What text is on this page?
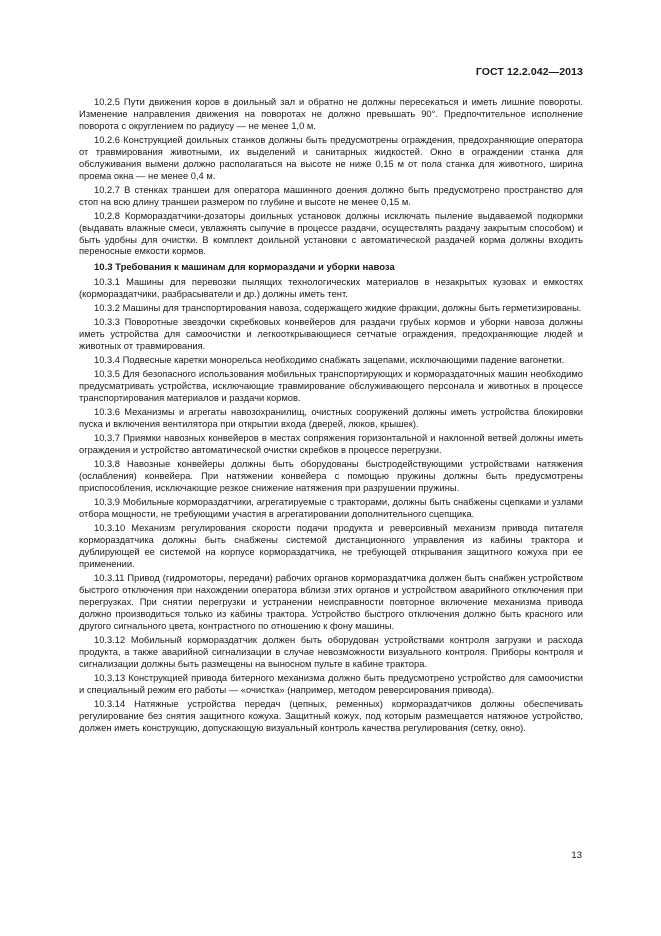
ГОСТ 12.2.042—2013

10.2.5 Пути движения коров в доильный зал и обратно не должны пересекаться и иметь лишние повороты. Изменение направления движения на поворотах не должно превышать 90°. Предпочтительное исполнение поворота с округлением по радиусу — не менее 1,0 м.

10.2.6 Конструкцией доильных станков должны быть предусмотрены ограждения, предохраняющие оператора от травмирования животными, их выделений и санитарных жидкостей. Окно в ограждении станка для обслуживания вымени должно располагаться на высоте не ниже 0,15 м от пола станка для животного, ширина проема окна — не менее 0,4 м.

10.2.7 В стенках траншеи для оператора машинного доения должно быть предусмотрено пространство для стоп на всю длину траншеи размером по глубине и высоте не менее 0,15 м.

10.2.8 Кормораздатчики-дозаторы доильных установок должны исключать пыление выдаваемой подкормки (выдавать влажные смеси, увлажнять сыпучие в процессе раздачи, осуществлять раздачу закрытым способом) и быть удобны для очистки. В комплект доильной установки с автоматической раздачей корма должны входить переносные емкости кормов.

10.3 Требования к машинам для кормораздачи и уборки навоза

10.3.1 Машины для перевозки пылящих технологических материалов в незакрытых кузовах и емкостях (кормораздатчики, разбрасыватели и др.) должны иметь тент.

10.3.2 Машины для транспортирования навоза, содержащего жидкие фракции, должны быть герметизированы.

10.3.3 Поворотные звездочки скребковых конвейеров для раздачи грубых кормов и уборки навоза должны иметь устройства для самоочистки и легкооткрывающиеся сетчатые ограждения, предохраняющие людей и животных от травмирования.

10.3.4 Подвесные каретки монорельса необходимо снабжать зацепами, исключающими падение вагонетки.

10.3.5 Для безопасного использования мобильных транспортирующих и кормораздаточных машин необходимо предусматривать устройства, исключающие травмирование обслуживающего персонала и животных в процессе транспортирования материалов и раздачи кормов.

10.3.6 Механизмы и агрегаты навозохранилищ, очистных сооружений должны иметь устройства блокировки пуска и включения вентилятора при открытии входа (дверей, люков, крышек).

10.3.7 Приямки навозных конвейеров в местах сопряжения горизонтальной и наклонной ветвей должны иметь ограждения и устройство автоматической очистки скребков в процессе перегрузки.

10.3.8 Навозные конвейеры должны быть оборудованы быстродействующими устройствами натяжения (ослабления) конвейера. При натяжении конвейера с помощью пружины должны быть предусмотрены приспособления, исключающие резкое снижение натяжения при разрушении пружины.

10.3.9 Мобильные кормораздатчики, агрегатируемые с тракторами, должны быть снабжены сцепками и узлами отбора мощности, не требующими участия в агрегатировании дополнительного сцепщика.

10.3.10 Механизм регулирования скорости подачи продукта и реверсивный механизм привода питателя кормораздатчика должны быть снабжены системой дистанционного управления из кабины трактора и дублирующей ее системой на корпусе кормораздатчика, не требующей открывания защитного кожуха при ее применении.

10.3.11 Привод (гидромоторы, передачи) рабочих органов кормораздатчика должен быть снабжен устройством быстрого отключения при нахождении оператора вблизи этих органов и устройством аварийного отключения при перегрузках. При снятии перегрузки и устранении неисправности повторное включение механизма привода должно производиться только из кабины трактора. Устройство быстрого отключения должно быть красного или другого сигнального цвета, контрастного по отношению к фону машины.

10.3.12 Мобильный кормораздатчик должен быть оборудован устройствами контроля загрузки и расхода продукта, а также аварийной сигнализации в случае невозможности визуального контроля. Приборы контроля и сигнализации должны быть размещены на выносном пульте в кабине трактора.

10.3.13 Конструкцией привода битерного механизма должно быть предусмотрено устройство для самоочистки и специальный режим его работы — «очистка» (например, методом реверсирования привода).

10.3.14 Натяжные устройства передач (цепных, ременных) кормораздатчиков должны обеспечивать регулирование без снятия защитного кожуха. Защитный кожух, под которым размещается натяжное устройство, должен иметь конструкцию, допускающую визуальный контроль качества регулирования (сетку, окно).

13
